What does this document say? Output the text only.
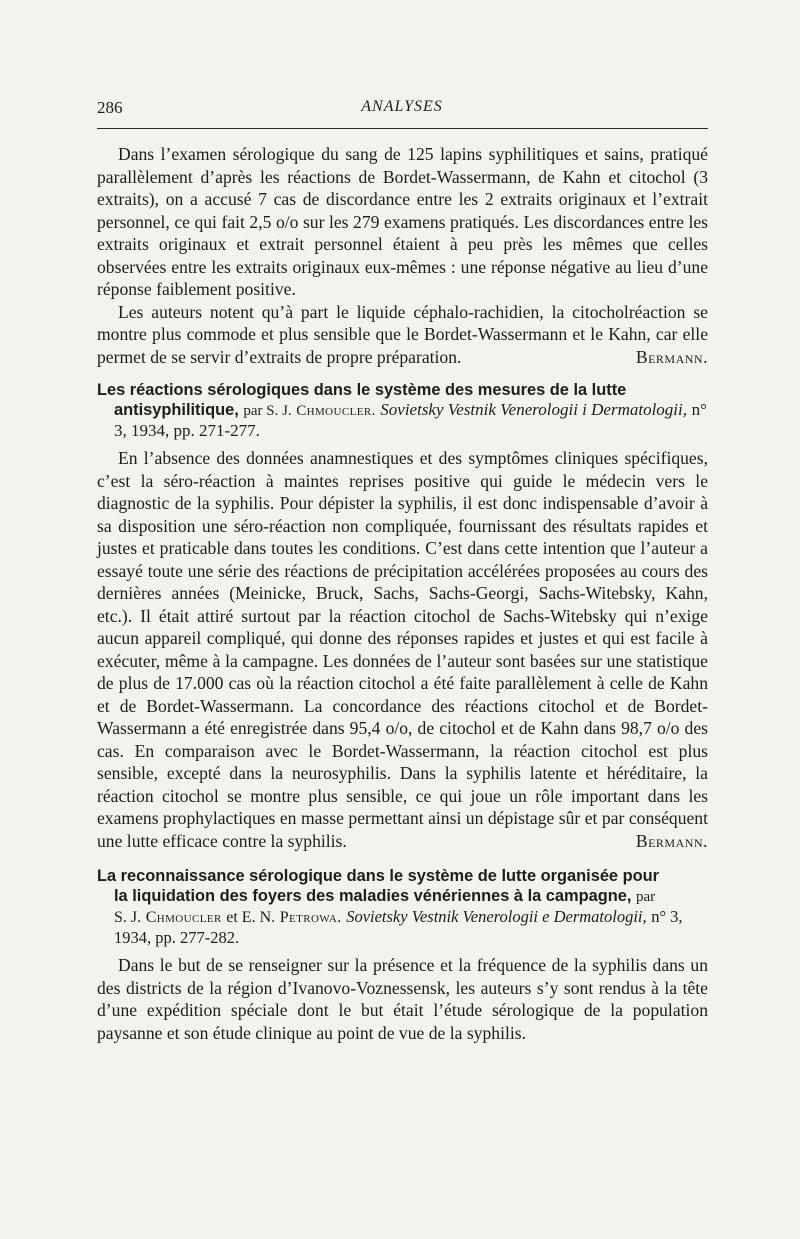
286	ANALYSES

Dans l’examen sérologique du sang de 125 lapins syphilitiques et sains, pratiqué parallèlement d’après les réactions de Bordet-Wassermann, de Kahn et citochol (3 extraits), on a accusé 7 cas de discordance entre les 2 extraits originaux et l’extrait personnel, ce qui fait 2,5 o/o sur les 279 examens pratiqués. Les discordances entre les extraits originaux et extrait personnel étaient à peu près les mêmes que celles observées entre les extraits originaux eux-mêmes : une réponse négative au lieu d’une réponse faiblement positive.

Les auteurs notent qu’à part le liquide céphalo-rachidien, la citocholréaction se montre plus commode et plus sensible que le Bordet-Wassermann et le Kahn, car elle permet de se servir d’extraits de propre préparation.	Bermann.

Les réactions sérologiques dans le système des mesures de la lutte
antisyphilitique, par S. J. Chmoucler. Sovietsky Vestnik Venerologii i Dermatologii, n° 3, 1934, pp. 271-277.

En l’absence des données anamnestiques et des symptômes cliniques spécifiques, c’est la séro-réaction à maintes reprises positive qui guide le médecin vers le diagnostic de la syphilis. Pour dépister la syphilis, il est donc indispensable d’avoir à sa disposition une séro-réaction non compliquée, fournissant des résultats rapides et justes et praticable dans toutes les conditions. C’est dans cette intention que l’auteur a essayé toute une série des réactions de précipitation accélérées proposées au cours des dernières années (Meinicke, Bruck, Sachs, Sachs-Georgi, Sachs-Witebsky, Kahn, etc.). Il était attiré surtout par la réaction citochol de Sachs-Witebsky qui n’exige aucun appareil compliqué, qui donne des réponses rapides et justes et qui est facile à exécuter, même à la campagne. Les données de l’auteur sont basées sur une statistique de plus de 17.000 cas où la réaction citochol a été faite parallèlement à celle de Kahn et de Bordet-Wassermann. La concordance des réactions citochol et de Bordet-Wassermann a été enregistrée dans 95,4 o/o, de citochol et de Kahn dans 98,7 o/o des cas. En comparaison avec le Bordet-Wassermann, la réaction citochol est plus sensible, excepté dans la neurosyphilis. Dans la syphilis latente et héréditaire, la réaction citochol se montre plus sensible, ce qui joue un rôle important dans les examens prophylactiques en masse permettant ainsi un dépistage sûr et par conséquent une lutte efficace contre la syphilis.	Bermann.

La reconnaissance sérologique dans le système de lutte organisée pour
la liquidation des foyers des maladies vénériennes à la campagne, par
S. J. Chmoucler et E. N. Petrowa. Sovietsky Vestnik Venerologii e Dermatologii, n° 3, 1934, pp. 277-282.

Dans le but de se renseigner sur la présence et la fréquence de la syphilis dans un des districts de la région d’Ivanovo-Voznessensk, les auteurs s’y sont rendus à la tête d’une expédition spéciale dont le but était l’étude sérologique de la population paysanne et son étude clinique au point de vue de la syphilis.
